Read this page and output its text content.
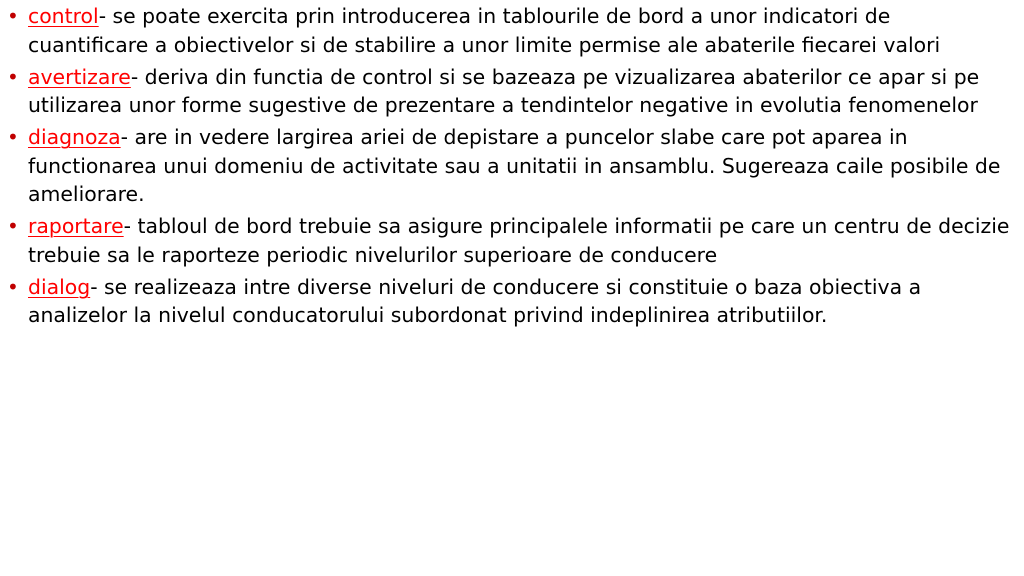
• control- se poate exercita prin introducerea in tablourile de bord a unor indicatori de cuantificare a obiectivelor si de stabilire a unor limite permise ale abaterile fiecarei valori
• avertizare- deriva din functia de control si se bazeaza pe vizualizarea abaterilor ce apar si pe utilizarea unor forme sugestive de prezentare a tendintelor negative in evolutia fenomenelor
• diagnoza- are in vedere largirea ariei de depistare a puncelor slabe care pot aparea in functionarea unui domeniu de activitate sau a unitatii in ansamblu. Sugereaza caile posibile de ameliorare.
• raportare- tabloul de bord trebuie sa asigure principalele informatii pe care un centru de decizie trebuie sa le raporteze periodic nivelurilor superioare de conducere
• dialog- se realizeaza intre diverse niveluri de conducere si constituie o baza obiectiva a analizelor la nivelul conducatorului subordonat privind indeplinirea atributiilor.
